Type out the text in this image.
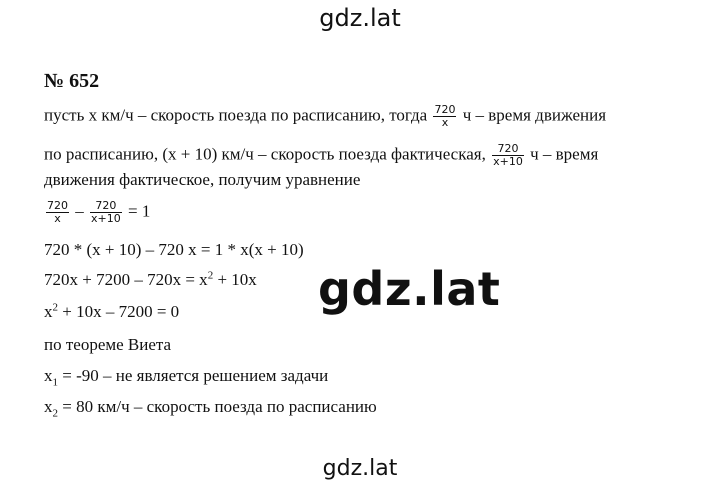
gdz.lat
№ 652
пусть x км/ч – скорость поезда по расписанию, тогда $\frac{720}{x}$ ч – время движения
по расписанию, (x + 10) км/ч – скорость поезда фактическая, $\frac{720}{x+10}$ ч – время
движения фактическое, получим уравнение
$\frac{720}{x} - \frac{720}{x+10} = 1$
720 * (x + 10) – 720 x = 1 * x(x + 10)
$720x + 7200 - 720x = x^2 + 10x$
$x^2 + 10x - 7200 = 0$
по теореме Виета
$x_1 = -90$ – не является решением задачи
$x_2 = 80$ км/ч – скорость поезда по расписанию
gdz.lat
gdz.lat
